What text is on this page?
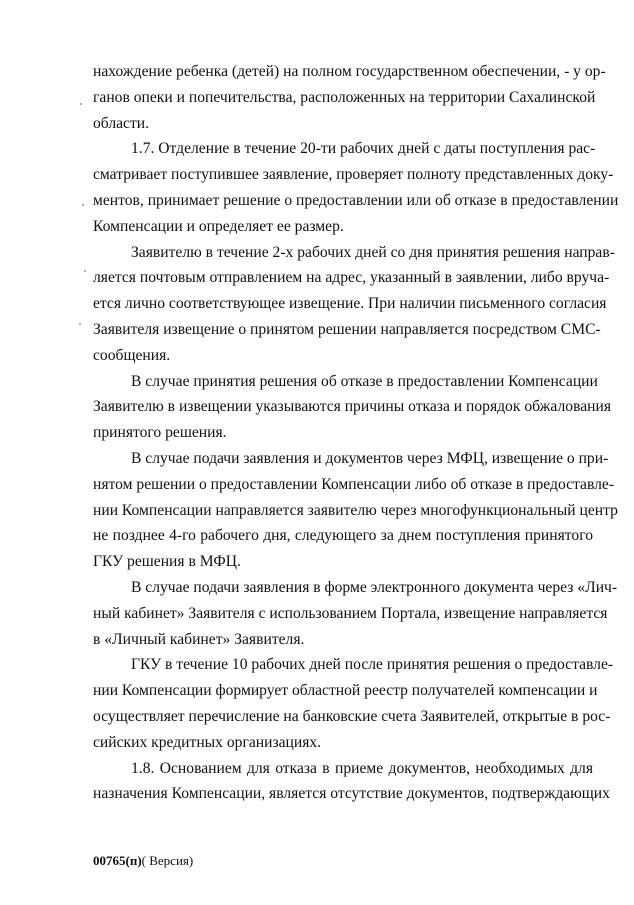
нахождение ребенка (детей) на полном государственном обеспечении, - у ор-
ганов опеки и попечительства, расположенных на территории Сахалинской
области.
1.7. Отделение в течение 20-ти рабочих дней с даты поступления рас-
сматривает поступившее заявление, проверяет полноту представленных доку-
ментов, принимает решение о предоставлении или об отказе в предоставлении
Компенсации и определяет ее размер.
Заявителю в течение 2-х рабочих дней со дня принятия решения направ-
ляется почтовым отправлением на адрес, указанный в заявлении, либо вруча-
ется лично соответствующее извещение. При наличии письменного согласия
Заявителя извещение о принятом решении направляется посредством СМС-
сообщения.
В случае принятия решения об отказе в предоставлении Компенсации
Заявителю в извещении указываются причины отказа и порядок обжалования
принятого решения.
В случае подачи заявления и документов через МФЦ, извещение о при-
нятом решении о предоставлении Компенсации либо об отказе в предоставле-
нии Компенсации направляется заявителю через многофункциональный центр
не позднее 4-го рабочего дня, следующего за днем поступления принятого
ГКУ решения в МФЦ.
В случае подачи заявления в форме электронного документа через «Лич-
ный кабинет» Заявителя с использованием Портала, извещение направляется
в «Личный кабинет» Заявителя.
ГКУ в течение 10 рабочих дней после принятия решения о предоставле-
нии Компенсации формирует областной реестр получателей компенсации и
осуществляет перечисление на банковские счета Заявителей, открытые в рос-
сийских кредитных организациях.
1.8. Основанием для отказа в приеме документов, необходимых для
назначения Компенсации, является отсутствие документов, подтверждающих
00765(п)( Версия)
